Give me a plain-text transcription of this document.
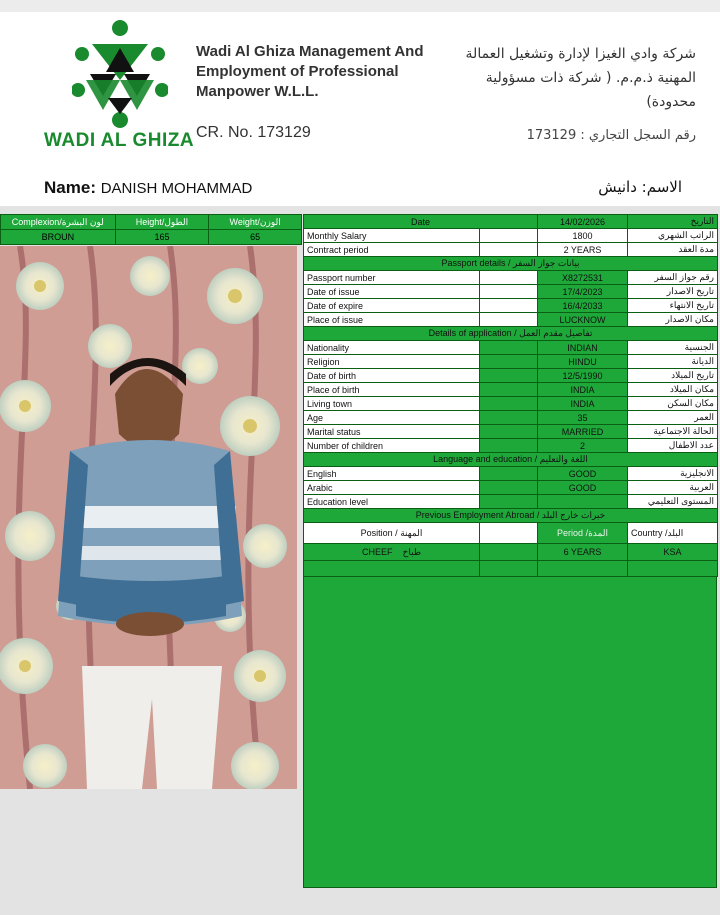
WADI AL GHIZA
Wadi Al Ghiza Management And
Employment of Professional
Manpower W.L.L.
CR. No. 173129
شركة وادي الغيزا لإدارة وتشغيل العمالة
المهنية ذ.م.م. ( شركة ذات مسؤولية
محدودة)
رقم السجل التجاري : 173129
Name: DANISH MOHAMMAD	الاسم: دانيش
Complexion/لون البشرة	Height/الطول	Weight/الوزن
BROUN	165	65
Date		14/02/2026	التاريخ
Monthly Salary		1800	الراتب الشهري
Contract period		2 YEARS	مدة العقد
Passport details / بيانات جواز السفر			
Passport number		X8272531	رقم جواز السفر
Date of issue		17/4/2023	تاريخ الاصدار
Date of expire		16/4/2033	تاريخ الانتهاء
Place of issue		LUCKNOW	مكان الاصدار
Details of application / تفاصيل مقدم العمل			
Nationality		INDIAN	الجنسية
Religion		HINDU	الديانة
Date of birth		12/5/1990	تاريخ الميلاد
Place of birth		INDIA	مكان الميلاد
Living town		INDIA	مكان السكن
Age		35	العمر
Marital status		MARRIED	الحالة الاجتماعية
Number of children		2	عدد الاطفال
Language and education / اللغة والتعليم			
English		GOOD	الانجليزية
Arabic		GOOD	العربية
Education level			المستوى التعليمي
Previous Employment Abroad / خبرات خارج البلد			
Position / المهنة		Period /المدة	Country /البلد
CHEEF طباخ		6 YEARS	KSA
